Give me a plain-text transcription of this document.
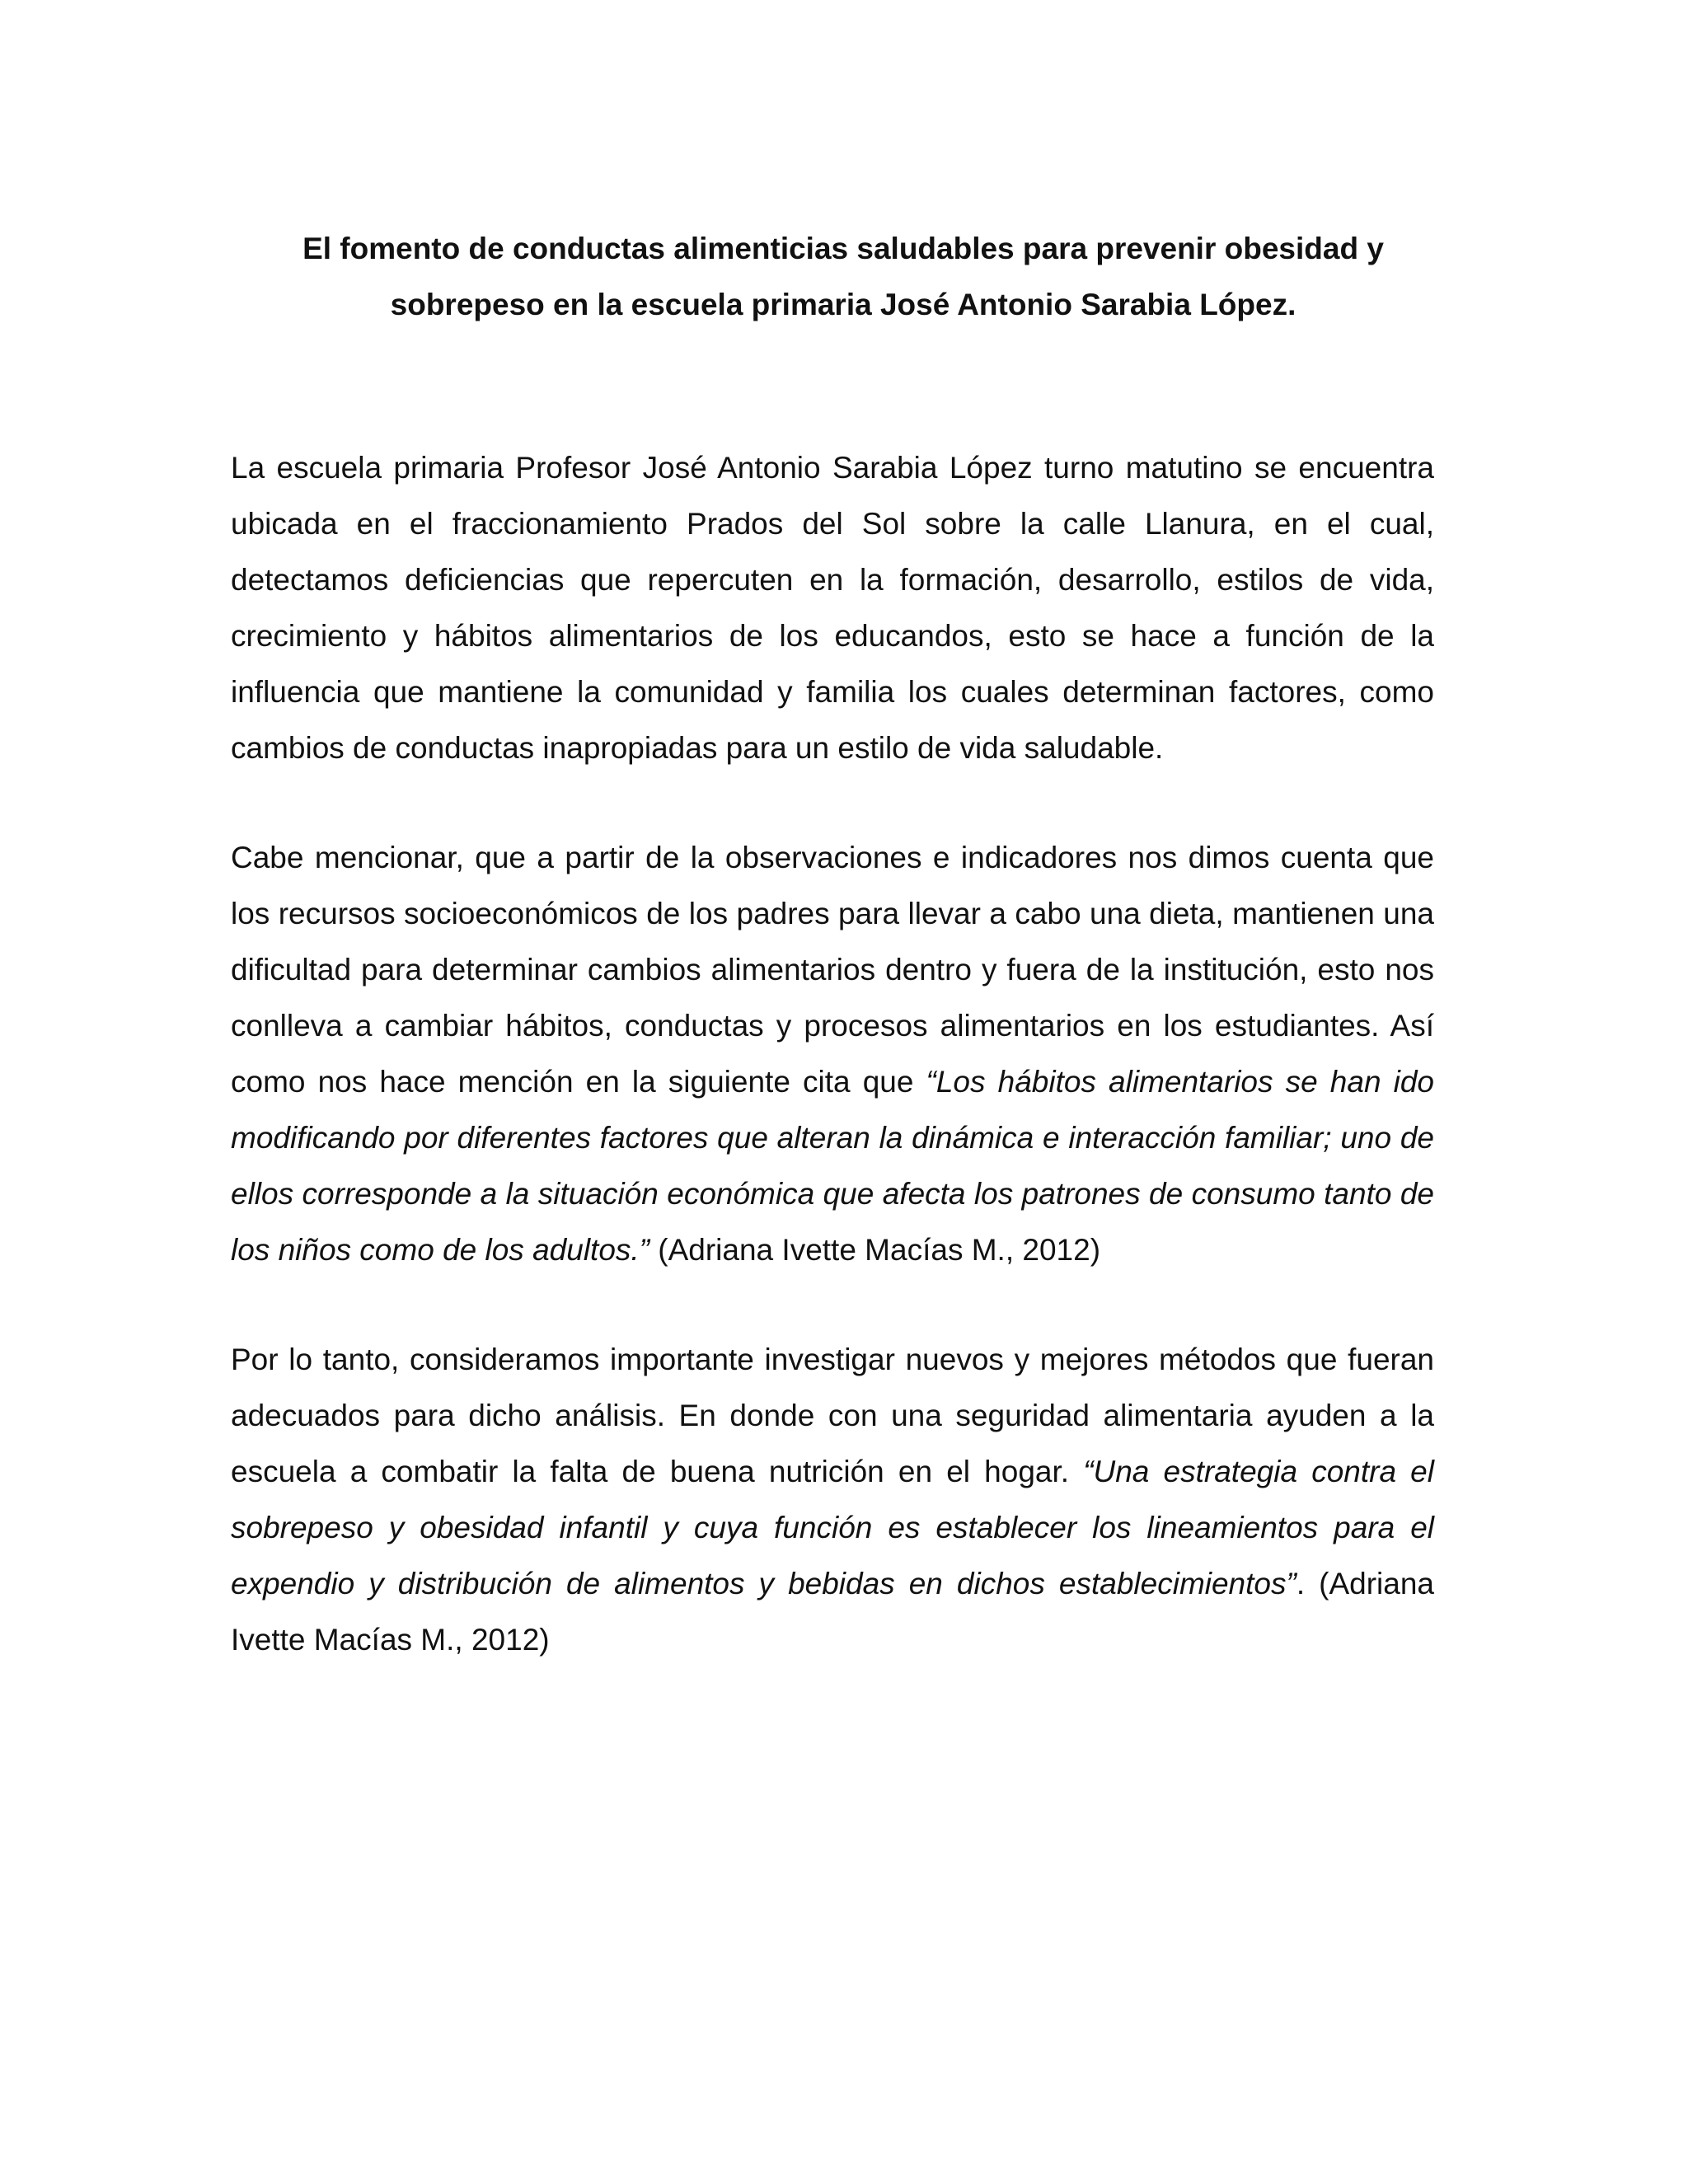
El fomento de conductas alimenticias saludables para prevenir obesidad y
sobrepeso en la escuela primaria José Antonio Sarabia López.

La escuela primaria Profesor José Antonio Sarabia López turno matutino se encuentra ubicada en el fraccionamiento Prados del Sol sobre la calle Llanura, en el cual, detectamos deficiencias que repercuten en la formación, desarrollo, estilos de vida, crecimiento y hábitos alimentarios de los educandos, esto se hace a función de la influencia que mantiene la comunidad y familia los cuales determinan factores, como cambios de conductas inapropiadas para un estilo de vida saludable.

Cabe mencionar, que a partir de la observaciones e indicadores nos dimos cuenta que los recursos socioeconómicos de los padres para llevar a cabo una dieta, mantienen una dificultad para determinar cambios alimentarios dentro y fuera de la institución, esto nos conlleva a cambiar hábitos, conductas y procesos alimentarios en los estudiantes. Así como nos hace mención en la siguiente cita que “Los hábitos alimentarios se han ido modificando por diferentes factores que alteran la dinámica e interacción familiar; uno de ellos corresponde a la situación económica que afecta los patrones de consumo tanto de los niños como de los adultos.” (Adriana Ivette Macías M., 2012)

Por lo tanto, consideramos importante investigar nuevos y mejores métodos que fueran adecuados para dicho análisis. En donde con una seguridad alimentaria ayuden a la escuela a combatir la falta de buena nutrición en el hogar. “Una estrategia contra el sobrepeso y obesidad infantil y cuya función es establecer los lineamientos para el expendio y distribución de alimentos y bebidas en dichos establecimientos”. (Adriana Ivette Macías M., 2012)
